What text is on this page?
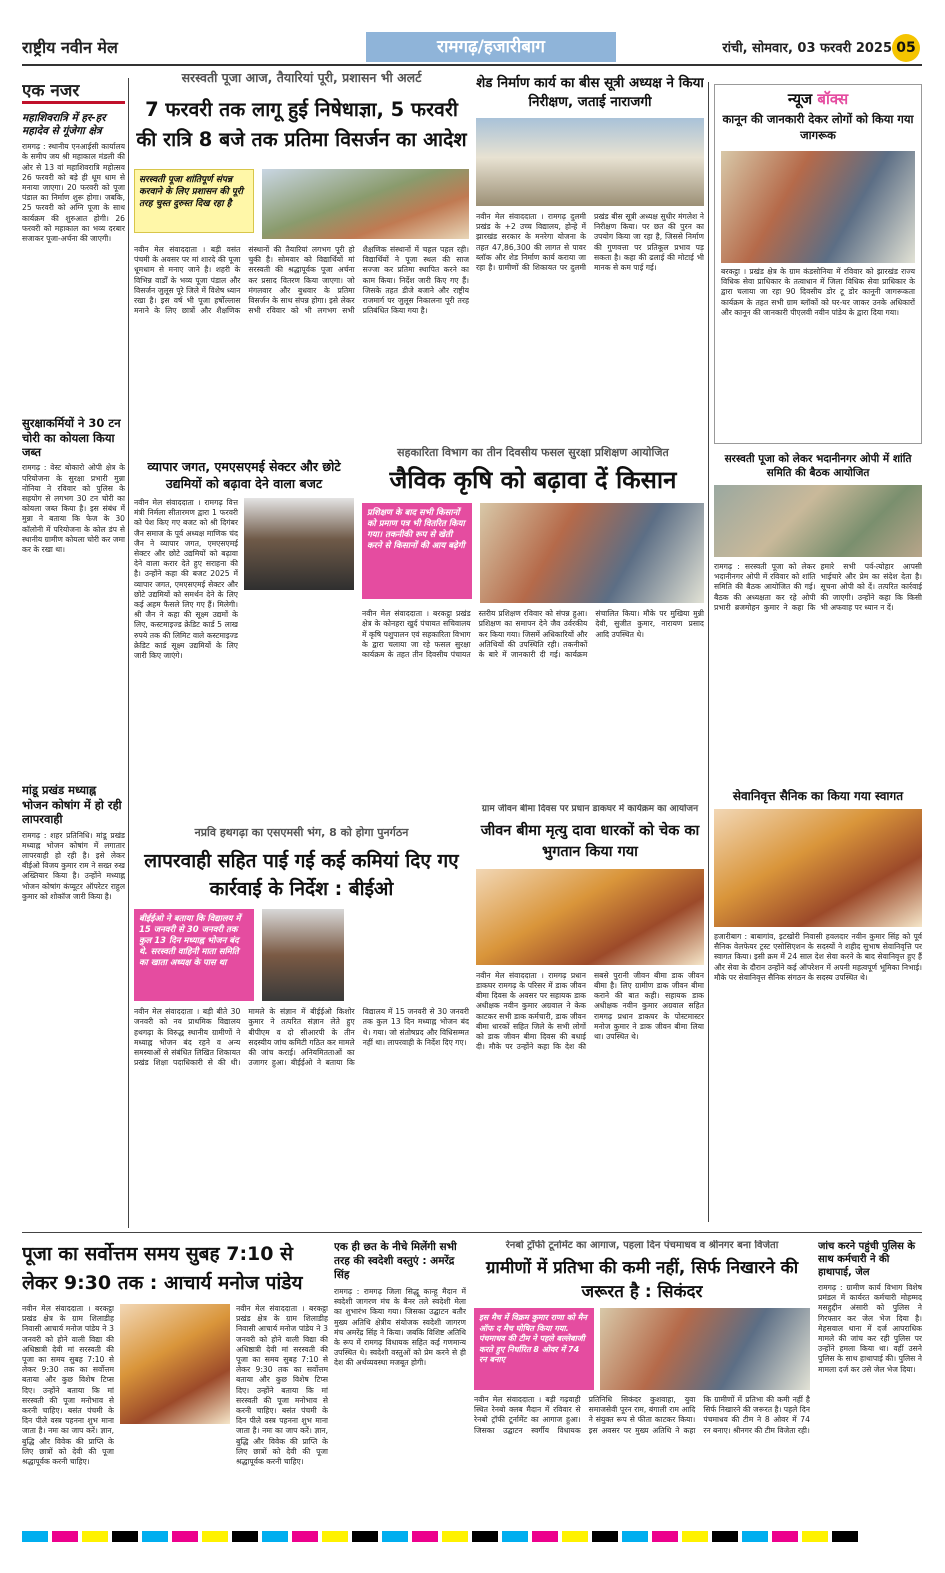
राष्ट्रीय नवीन मेल	रामगढ़/हजारीबाग	रांची, सोमवार, 03 फरवरी 2025 05
एक नजर
महाशिवरात्रि में हर-हर महादेव से गूंजेगा क्षेत्र
रामगढ़ : स्थानीय एनआईसी कार्यालय के समीप जय श्री महाकाल मंडली की ओर से 13 वां महाशिवरात्रि महोत्सव 26 फरवरी को बड़े ही धूम धाम से मनाया जाएगा। 20 फरवरी को पूजा पंडाल का निर्माण शुरू होगा। जबकि, 25 फरवरी को अग्नि पूजा के साथ कार्यक्रम की शुरुआत होगी। 26 फरवरी को महाकाल का भव्य दरबार सजाकर पूजा-अर्चना की जाएगी।
सुरक्षाकर्मियों ने 30 टन चोरी का कोयला किया जब्त
रामगढ़ : वेस्ट बोकारो ओपी क्षेत्र के परियोजना के सुरक्षा प्रभारी मुन्ना नोनिया ने रविवार को पुलिस के सहयोग से लगभग 30 टन चोरी का कोयला जब्त किया है। इस संबंध में मुन्ना ने बताया कि फेज के 30 कॉलोनी में परियोजना के कोल डंप से स्थानीय ग्रामीण कोयला चोरी कर जमा कर के रखा था।
मांडू प्रखंड मध्याह्न भोजन कोषांग में हो रही लापरवाही
रामगढ़ : शहर प्रतिनिधि। मांडू प्रखंड मध्याह्न भोजन कोषांग में लगातार लापरवाही हो रही है। इसे लेकर बीईओ विजय कुमार राम ने सख्त रुख अख्तियार किया है। उन्होंने मध्याह्न भोजन कोषांग कंप्यूटर ऑपरेटर राहुल कुमार को शोकॉज जारी किया है।
सरस्वती पूजा आज, तैयारियां पूरी, प्रशासन भी अलर्ट
7 फरवरी तक लागू हुई निषेधाज्ञा, 5 फरवरी की रात्रि 8 बजे तक प्रतिमा विसर्जन का आदेश
सरस्वती पूजा शांतिपूर्ण संपन्न करवाने के लिए प्रशासन की पूरी तरह चुस्त दुरुस्त दिख रहा है
नवीन मेल संवाददाता । बड़ी वसंत पंचमी के अवसर पर मां शारदे की पूजा धूमधाम से मनाए जाने है। शहरी के विभिन्न वार्डों के भव्य पूजा पंडाल और विसर्जन जुलूस पूरे जिले में विशेष ध्यान रखा है। इस वर्ष भी पूजा हर्षोल्लास मनाने के लिए छात्रों और शैक्षणिक संस्थानों की तैयारियां लगभग पूरी हो चुकी है। सोमवार को विद्यार्थियों मां सरस्वती की श्रद्धापूर्वक पूजा अर्चना कर प्रसाद वितरण किया जाएगा। जो मंगलवार और बुधवार के प्रतिमा विसर्जन के साथ संपन्न होगा। इसे लेकर सभी रविवार को भी लगभग सभी शैक्षणिक संस्थानों में चहल पहल रही। विद्यार्थियों ने पूजा स्थल की साज सज्जा कर प्रतिमा स्थापित करने का काम किया। निर्देश जारी किए गए हैं। जिसके तहत डीजे बजाने और राष्ट्रीय राजमार्ग पर जुलूस निकालना पूरी तरह प्रतिबंधित किया गया है।
शेड निर्माण कार्य का बीस सूत्री अध्यक्ष ने किया निरीक्षण, जताई नाराजगी
नवीन मेल संवाददाता । रामगढ़ दुलमी प्रखंड के +2 उच्च विद्यालय, होन्हे में झारखंड सरकार के मनरेगा योजना के तहत 47,86,300 की लागत से पावर ब्लॉक और शेड निर्माण कार्य कराया जा रहा है। ग्रामीणों की शिकायत पर दुलमी प्रखंड बीस सूत्री अध्यक्ष सुधीर मंगलेश ने निरीक्षण किया। पर छत की पुरन का उपयोग किया जा रहा है, जिससे निर्माण की गुणवत्ता पर प्रतिकूल प्रभाव पड़ सकता है। कहा की ढलाई की मोटाई भी मानक से कम पाई गई।
न्यूज बॉक्स
कानून की जानकारी देकर लोगों को किया गया जागरूक
बरकट्ठा । प्रखंड क्षेत्र के ग्राम कंडसोनिया में रविवार को झारखंड राज्य विधिक सेवा प्राधिकार के तत्वाधान में जिला विधिक सेवा प्राधिकार के द्वारा चलाया जा रहा 90 दिवसीय डोर टू डोर कानूनी जागरूकता कार्यक्रम के तहत सभी ग्राम ब्लॉकों को घर-घर जाकर उनके अधिकारों और कानून की जानकारी पीएलवी नवीन पांडेय के द्वारा दिया गया।
सरस्वती पूजा को लेकर भदानीनगर ओपी में शांति समिति की बैठक आयोजित
रामगढ़ : सरस्वती पूजा को लेकर भदानीनगर ओपी में रविवार को शांति समिति की बैठक आयोजित की गई। बैठक की अध्यक्षता कर रहे ओपी प्रभारी ब्रजमोहन कुमार ने कहा कि हमारे सभी पर्व-त्योहार आपसी भाईचारे और प्रेम का संदेश देता है। सूचना ओपी को दें। तत्परित कार्रवाई की जाएगी। उन्होंने कहा कि किसी भी अफवाह पर ध्यान न दें।
सेवानिवृत्त सैनिक का किया गया स्वागत
हजारीबाग : बाबागांव, इटखोरी निवासी हवलदार नवीन कुमार सिंह को पूर्व सैनिक वेलफेयर ट्रस्ट एसोसिएशन के सदस्यों ने शहीद सुभाष सेवानिवृत्ति पर स्वागत किया। इसी क्रम में 24 साल देश सेवा करने के बाद सेवानिवृत्त हुए हैं और सेवा के दौरान उन्होंने कई ऑपरेशन में अपनी महत्वपूर्ण भूमिका निभाई। मौके पर सेवानिवृत्त सैनिक संगठन के सदस्य उपस्थित थे।
व्यापार जगत, एमएसएमई सेक्टर और छोटे उद्यमियों को बढ़ावा देने वाला बजट
नवीन मेल संवाददाता । रामगढ़ वित्त मंत्री निर्मला सीतारमण द्वारा 1 फरवरी को पेश किए गए बजट को श्री दिगंबर जैन समाज के पूर्व अध्यक्ष माणिक चंद जैन ने व्यापार जगत, एमएसएमई सेक्टर और छोटे उद्यमियों को बढ़ावा देने वाला करार देते हुए सराहना की है। उन्होंने कहा की बजट 2025 में व्यापार जगत, एमएसएमई सेक्टर और छोटे उद्यमियों को समर्थन देने के लिए कई अहम फैसले लिए गए हैं। मिलेगी। श्री जैन ने कहा की सूक्ष्म उद्यमों के लिए, कस्टमाइज्ड क्रेडिट कार्ड 5 लाख रुपये तक की लिमिट वाले कस्टमाइज्ड क्रेडिट कार्ड सूक्ष्म उद्यमियों के लिए जारी किए जाएंगे।
सहकारिता विभाग का तीन दिवसीय फसल सुरक्षा प्रशिक्षण आयोजित
जैविक कृषि को बढ़ावा दें किसान
प्रशिक्षण के बाद सभी किसानों को प्रमाण पत्र भी वितरित किया गया। तकनीकी रूप से खेती करने से किसानों की आय बढ़ेगी
नवीन मेल संवाददाता । बरकट्ठा प्रखंड क्षेत्र के कोनहरा खुर्द पंचायत सचिवालय में कृषि पशुपालन एवं सहकारिता विभाग के द्वारा चलाया जा रहे फसल सुरक्षा कार्यक्रम के तहत तीन दिवसीय पंचायत स्तरीय प्रशिक्षण रविवार को संपन्न हुआ। प्रशिक्षण का समापन देने जैव उर्वरकीय कर किया गया। जिसमें अधिकारियों और अतिथियों की उपस्थिति रही। तकनीकों के बारे में जानकारी दी गई। कार्यक्रम संचालित किया। मौके पर मुखिया मुन्नी देवी, सुजीत कुमार, नारायण प्रसाद आदि उपस्थित थे।
नप्रवि हथगढ़ा का एसएमसी भंग, 8 को होगा पुनर्गठन
लापरवाही सहित पाई गई कई कमियां दिए गए कार्रवाई के निर्देश : बीईओ
बीईईओ ने बताया कि विद्यालय में 15 जनवरी से 30 जनवरी तक कुल 13 दिन मध्याह्न भोजन बंद थे. सरस्वती वाहिनी माता समिति का खाता अध्यक्ष के पास था
नवीन मेल संवाददाता । बड़ी बीते 30 जनवरी को नव प्राथमिक विद्यालय हथगढ़ा के विरुद्ध स्थानीय ग्रामीणों ने मध्याह्न भोजन बंद रहने व अन्य समस्याओं से संबंधित लिखित शिकायत प्रखंड शिक्षा पदाधिकारी से की थी। मामले के संज्ञान में बीईईओ किशोर कुमार ने तत्परित संज्ञान लेते हुए बीपीएम व दो सीआरपी के तीन सदस्यीय जांच कमिटी गठित कर मामले की जांच कराई। अनियमितताओं का उजागर हुआ। बीईईओ ने बताया कि विद्यालय में 15 जनवरी से 30 जनवरी तक कुल 13 दिन मध्याह्न भोजन बंद थे। गया। जो संतोषप्रद और विधिसम्मत नहीं था। लापरवाही के निर्देश दिए गए।
ग्राम जीवन बीमा दिवस पर प्रधान डाकघर में कार्यक्रम का आयोजन
जीवन बीमा मृत्यु दावा धारकों को चेक का भुगतान किया गया
नवीन मेल संवाददाता । रामगढ़ प्रधान डाकघर रामगढ़ के परिसर में डाक जीवन बीमा दिवस के अवसर पर सहायक डाक अधीक्षक नवीन कुमार अग्रवाल ने केक काटकर सभी डाक कर्मचारी, डाक जीवन बीमा धारकों सहित जिले के सभी लोगों को डाक जीवन बीमा दिवस की बधाई दी। मौके पर उन्होंने कहा कि देश की सबसे पुरानी जीवन बीमा डाक जीवन बीमा है। लिए ग्रामीण डाक जीवन बीमा कराने की बात कही। सहायक डाक अधीक्षक नवीन कुमार अग्रवाल सहित रामगढ़ प्रधान डाकघर के पोस्टमास्टर मनोज कुमार ने डाक जीवन बीमा लिया था। उपस्थित थे।
पूजा का सर्वोत्तम समय सुबह 7:10 से लेकर 9:30 तक : आचार्य मनोज पांडेय
नवीन मेल संवाददाता । बरकट्ठा प्रखंड क्षेत्र के ग्राम शिलाडीह निवासी आचार्य मनोज पांडेय ने 3 जनवरी को होने वाली विद्या की अधिष्ठात्री देवी मां सरस्वती की पूजा का समय सुबह 7:10 से लेकर 9:30 तक का सर्वोत्तम बताया और कुछ विशेष टिप्स दिए। उन्होंने बताया कि मां सरस्वती की पूजा मनोभाव से करनी चाहिए। बसंत पंचमी के दिन पीले वस्त्र पहनना शुभ माना जाता है। नमः का जाप करें। ज्ञान, बुद्धि और विवेक की प्राप्ति के लिए छात्रों को देवी की पूजा श्रद्धापूर्वक करनी चाहिए।
नवीन मेल संवाददाता । बरकट्ठा प्रखंड क्षेत्र के ग्राम शिलाडीह निवासी आचार्य मनोज पांडेय ने 3 जनवरी को होने वाली विद्या की अधिष्ठात्री देवी मां सरस्वती की पूजा का समय सुबह 7:10 से लेकर 9:30 तक का सर्वोत्तम बताया और कुछ विशेष टिप्स दिए। उन्होंने बताया कि मां सरस्वती की पूजा मनोभाव से करनी चाहिए। बसंत पंचमी के दिन पीले वस्त्र पहनना शुभ माना जाता है। नमः का जाप करें। ज्ञान, बुद्धि और विवेक की प्राप्ति के लिए छात्रों को देवी की पूजा श्रद्धापूर्वक करनी चाहिए।
एक ही छत के नीचे मिलेंगी सभी तरह की स्वदेशी वस्तुएं : अमरेंद्र सिंह
रामगढ़ : रामगढ़ जिला सिद्धू कान्हू मैदान में स्वदेशी जागरण मंच के बैनर तले स्वदेशी मेला का शुभारंभ किया गया। जिसका उद्घाटन बतौर मुख्य अतिथि क्षेत्रीय संयोजक स्वदेशी जागरण मंच अमरेंद्र सिंह ने किया। जबकि विशिष्ट अतिथि के रूप में रामगढ़ विधायक सहित कई गणमान्य उपस्थित थे। स्वदेशी वस्तुओं को प्रेम करने से ही देश की अर्थव्यवस्था मजबूत होगी।
रेनबो ट्रॉफी टूर्नामेंट का आगाज, पहला दिन पंचमाधव व श्रीनगर बना विजेता
ग्रामीणों में प्रतिभा की कमी नहीं, सिर्फ निखारने की जरूरत है : सिकंदर
इस मैच में विक्रम कुमार राणा को मैन ऑफ द मैच घोषित किया गया. पंचमाधव की टीम ने पहले बल्लेबाजी करते हुए निर्धारित 8 ओवर में 74 रन बनाए
नवीन मेल संवाददाता । बड़ी गढ़वाही स्थित रेनबो क्लब मैदान में रविवार से रेनबो ट्रॉफी टूर्नामेंट का आगाज हुआ। जिसका उद्घाटन स्वर्गीय विधायक प्रतिनिधि सिकंदर कुशवाहा, युवा समाजसेवी पूरन राम, बंगाली राम आदि ने संयुक्त रूप से फीता काटकर किया। इस अवसर पर मुख्य अतिथि ने कहा कि ग्रामीणों में प्रतिभा की कमी नहीं है सिर्फ निखारने की जरूरत है। पहले दिन पंचमाधव की टीम ने 8 ओवर में 74 रन बनाए। श्रीनगर की टीम विजेता रही।
जांच करने पहुंची पुलिस के साथ कर्मचारी ने की हाथापाई, जेल
रामगढ़ : ग्रामीण कार्य विभाग विशेष प्रमंडल में कार्यरत कर्मचारी मोहम्मद मसहुद्दीन अंसारी को पुलिस ने गिरफ्तार कर जेल भेज दिया है। मेहसवाल थाना में दर्ज आपराधिक मामले की जांच कर रही पुलिस पर उन्होंने हमला किया था। वहीं उसने पुलिस के साथ हाथापाई की। पुलिस ने मामला दर्ज कर उसे जेल भेज दिया।
